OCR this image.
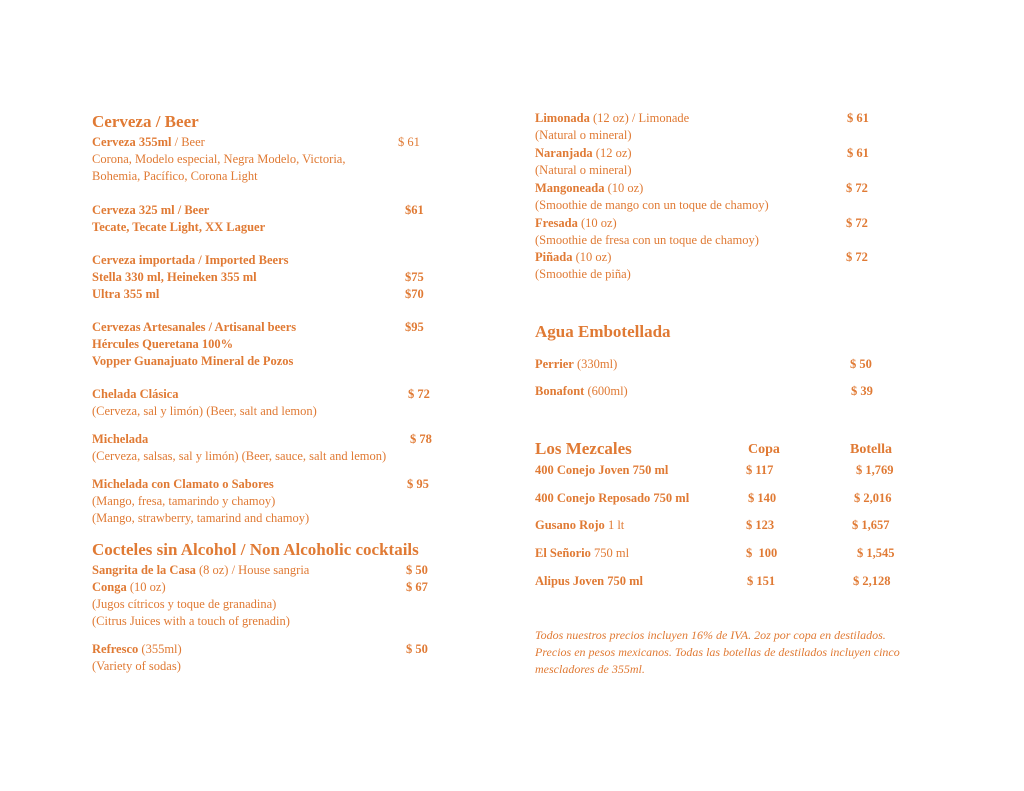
Cerveza / Beer
Cerveza 355ml / Beer	$ 61
Corona, Modelo especial, Negra Modelo, Victoria,
Bohemia, Pacífico, Corona Light
Cerveza 325 ml / Beer	$61
Tecate, Tecate Light, XX Laguer
Cerveza importada / Imported Beers
Stella 330 ml, Heineken 355 ml	$75
Ultra 355 ml	$70
Cervezas Artesanales / Artisanal beers	$95
Hércules Queretana 100%
Vopper Guanajuato Mineral de Pozos
Chelada Clásica	$ 72
(Cerveza, sal y limón) (Beer, salt and lemon)
Michelada	$ 78
(Cerveza, salsas, sal y limón) (Beer, sauce, salt and lemon)
Michelada con Clamato o Sabores	$ 95
(Mango, fresa, tamarindo y chamoy)
(Mango, strawberry, tamarind and chamoy)
Cocteles sin Alcohol / Non Alcoholic cocktails
Sangrita de la Casa (8 oz) / House sangria	$ 50
Conga (10 oz)	$ 67
(Jugos cítricos y toque de granadina)
(Citrus Juices with a touch of grenadin)
Refresco (355ml)	$ 50
(Variety of sodas)
Limonada (12 oz) / Limonade	$ 61
(Natural o mineral)
Naranjada (12 oz)	$ 61
(Natural o mineral)
Mangoneada (10 oz)	$ 72
(Smoothie de mango con un toque de chamoy)
Fresada (10 oz)	$ 72
(Smoothie de fresa con un toque de chamoy)
Piñada (10 oz)	$ 72
(Smoothie de piña)
Agua Embotellada
Perrier (330ml)	$ 50
Bonafont (600ml)	$ 39
Los Mezcales	Copa	Botella
400 Conejo Joven 750 ml	$ 117	$ 1,769
400 Conejo Reposado 750 ml	$ 140	$ 2,016
Gusano Rojo 1 lt	$ 123	$ 1,657
El Señorio 750 ml	$  100	$ 1,545
Alipus Joven 750 ml	$ 151	$ 2,128
Todos nuestros precios incluyen 16% de IVA. 2oz por copa en destilados.
Precios en pesos mexicanos. Todas las botellas de destilados incluyen cinco
mescladores de 355ml.
